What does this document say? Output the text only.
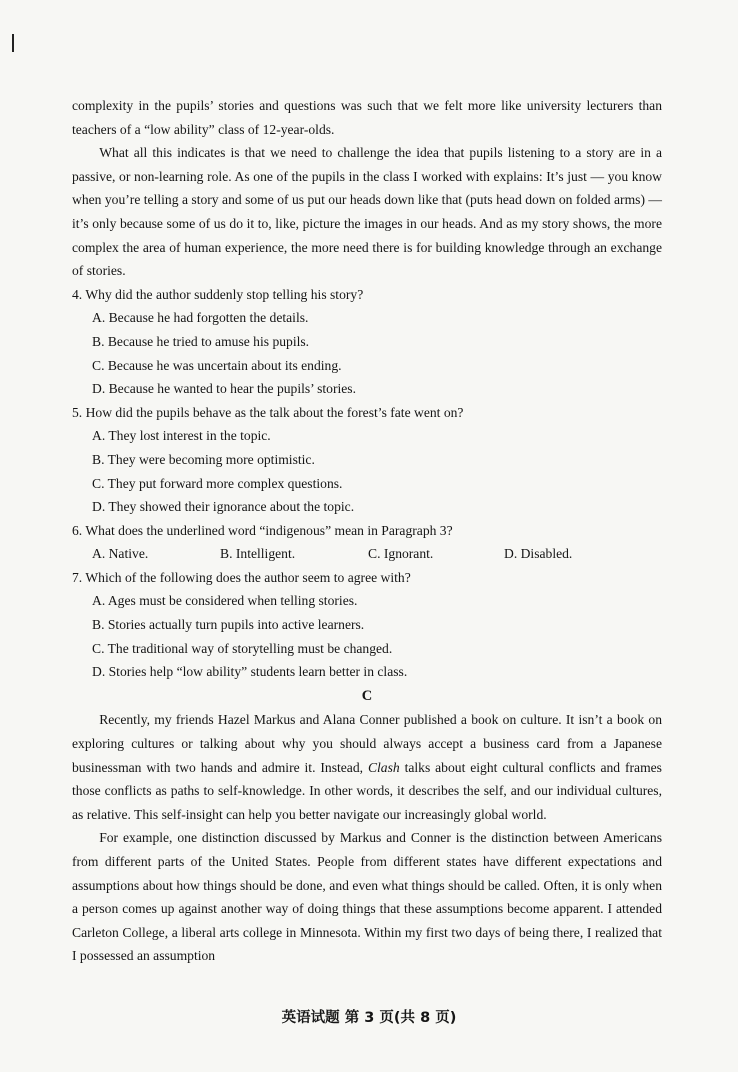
complexity in the pupils’ stories and questions was such that we felt more like university lecturers than teachers of a “low ability” class of 12-year-olds.

What all this indicates is that we need to challenge the idea that pupils listening to a story are in a passive, or non-learning role. As one of the pupils in the class I worked with explains: It’s just — you know when you’re telling a story and some of us put our heads down like that (puts head down on folded arms) — it’s only because some of us do it to, like, picture the images in our heads. And as my story shows, the more complex the area of human experience, the more need there is for building knowledge through an exchange of stories.

4. Why did the author suddenly stop telling his story?

A. Because he had forgotten the details.

B. Because he tried to amuse his pupils.

C. Because he was uncertain about its ending.

D. Because he wanted to hear the pupils’ stories.

5. How did the pupils behave as the talk about the forest’s fate went on?

A. They lost interest in the topic.

B. They were becoming more optimistic.

C. They put forward more complex questions.

D. They showed their ignorance about the topic.

6. What does the underlined word “indigenous” mean in Paragraph 3?

A. Native.	B. Intelligent.	C. Ignorant.	D. Disabled.

7. Which of the following does the author seem to agree with?

A. Ages must be considered when telling stories.

B. Stories actually turn pupils into active learners.

C. The traditional way of storytelling must be changed.

D. Stories help “low ability” students learn better in class.

C

Recently, my friends Hazel Markus and Alana Conner published a book on culture. It isn’t a book on exploring cultures or talking about why you should always accept a business card from a Japanese businessman with two hands and admire it. Instead, Clash talks about eight cultural conflicts and frames those conflicts as paths to self-knowledge. In other words, it describes the self, and our individual cultures, as relative. This self-insight can help you better navigate our increasingly global world.

For example, one distinction discussed by Markus and Conner is the distinction between Americans from different parts of the United States. People from different states have different expectations and assumptions about how things should be done, and even what things should be called. Often, it is only when a person comes up against another way of doing things that these assumptions become apparent. I attended Carleton College, a liberal arts college in Minnesota. Within my first two days of being there, I realized that I possessed an assumption

英语试题 第 3 页(共 8 页)
